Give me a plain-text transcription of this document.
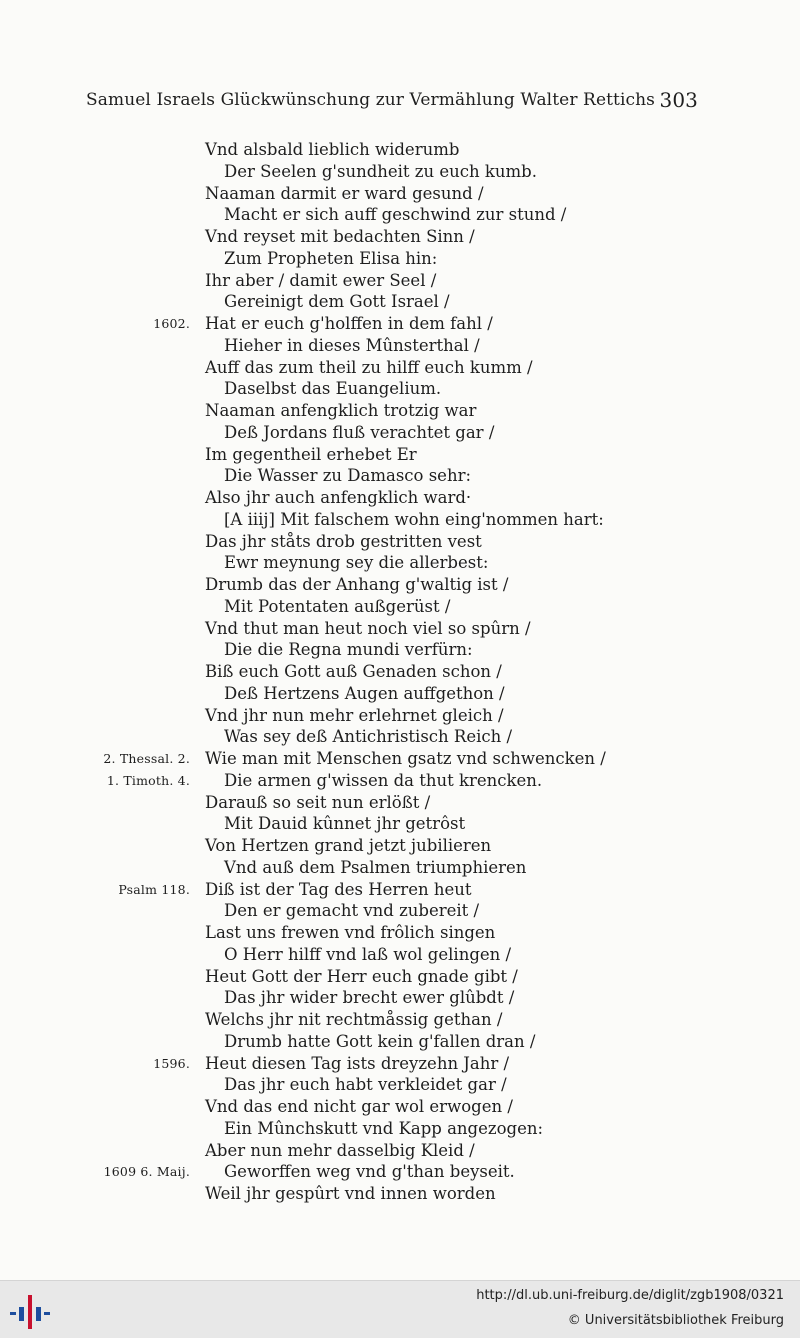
Samuel Israels Glückwünschung zur Vermählung Walter Rettichs 303
Vnd alsbald lieblich widerumb
Der Seelen g'sundheit zu euch kumb.
Naaman darmit er ward gesund /
Macht er sich auff geschwind zur stund /
Vnd reyset mit bedachten Sinn /
Zum Propheten Elisa hin:
Ihr aber / damit ewer Seel /
Gereinigt dem Gott Israel /
1602. Hat er euch g'holffen in dem fahl /
Hieher in dieses Mûnsterthal /
Auff das zum theil zu hilff euch kumm /
Daselbst das Euangelium.
Naaman anfengklich trotzig war
Deß Jordans fluß verachtet gar /
Im gegentheil erhebet Er
Die Wasser zu Damasco sehr:
Also jhr auch anfengklich ward·
[A iiij] Mit falschem wohn eing'nommen hart:
Das jhr ståts drob gestritten vest
Ewr meynung sey die allerbest:
Drumb das der Anhang g'waltig ist /
Mit Potentaten außgerüst /
Vnd thut man heut noch viel so spûrn /
Die die Regna mundi verfürn:
Biß euch Gott auß Genaden schon /
Deß Hertzens Augen auffgethon /
Vnd jhr nun mehr erlehrnet gleich /
Was sey deß Antichristisch Reich /
2. Thessal. 2. Wie man mit Menschen gsatz vnd schwencken /
1. Timoth. 4. Die armen g'wissen da thut krencken.
Darauß so seit nun erlößt /
Mit Dauid kûnnet jhr getrôst
Von Hertzen grand jetzt jubilieren
Vnd auß dem Psalmen triumphieren
Psalm 118. Diß ist der Tag des Herren heut
Den er gemacht vnd zubereit /
Last uns frewen vnd frôlich singen
O Herr hilff vnd laß wol gelingen /
Heut Gott der Herr euch gnade gibt /
Das jhr wider brecht ewer glûbdt /
Welchs jhr nit rechtmåssig gethan /
Drumb hatte Gott kein g'fallen dran /
1596. Heut diesen Tag ists dreyzehn Jahr /
Das jhr euch habt verkleidet gar /
Vnd das end nicht gar wol erwogen /
Ein Mûnchskutt vnd Kapp angezogen:
Aber nun mehr dasselbig Kleid /
1609 6. Maij. Geworffen weg vnd g'than beyseit.
Weil jhr gespûrt vnd innen worden
http://dl.ub.uni-freiburg.de/diglit/zgb1908/0321
© Universitätsbibliothek Freiburg
